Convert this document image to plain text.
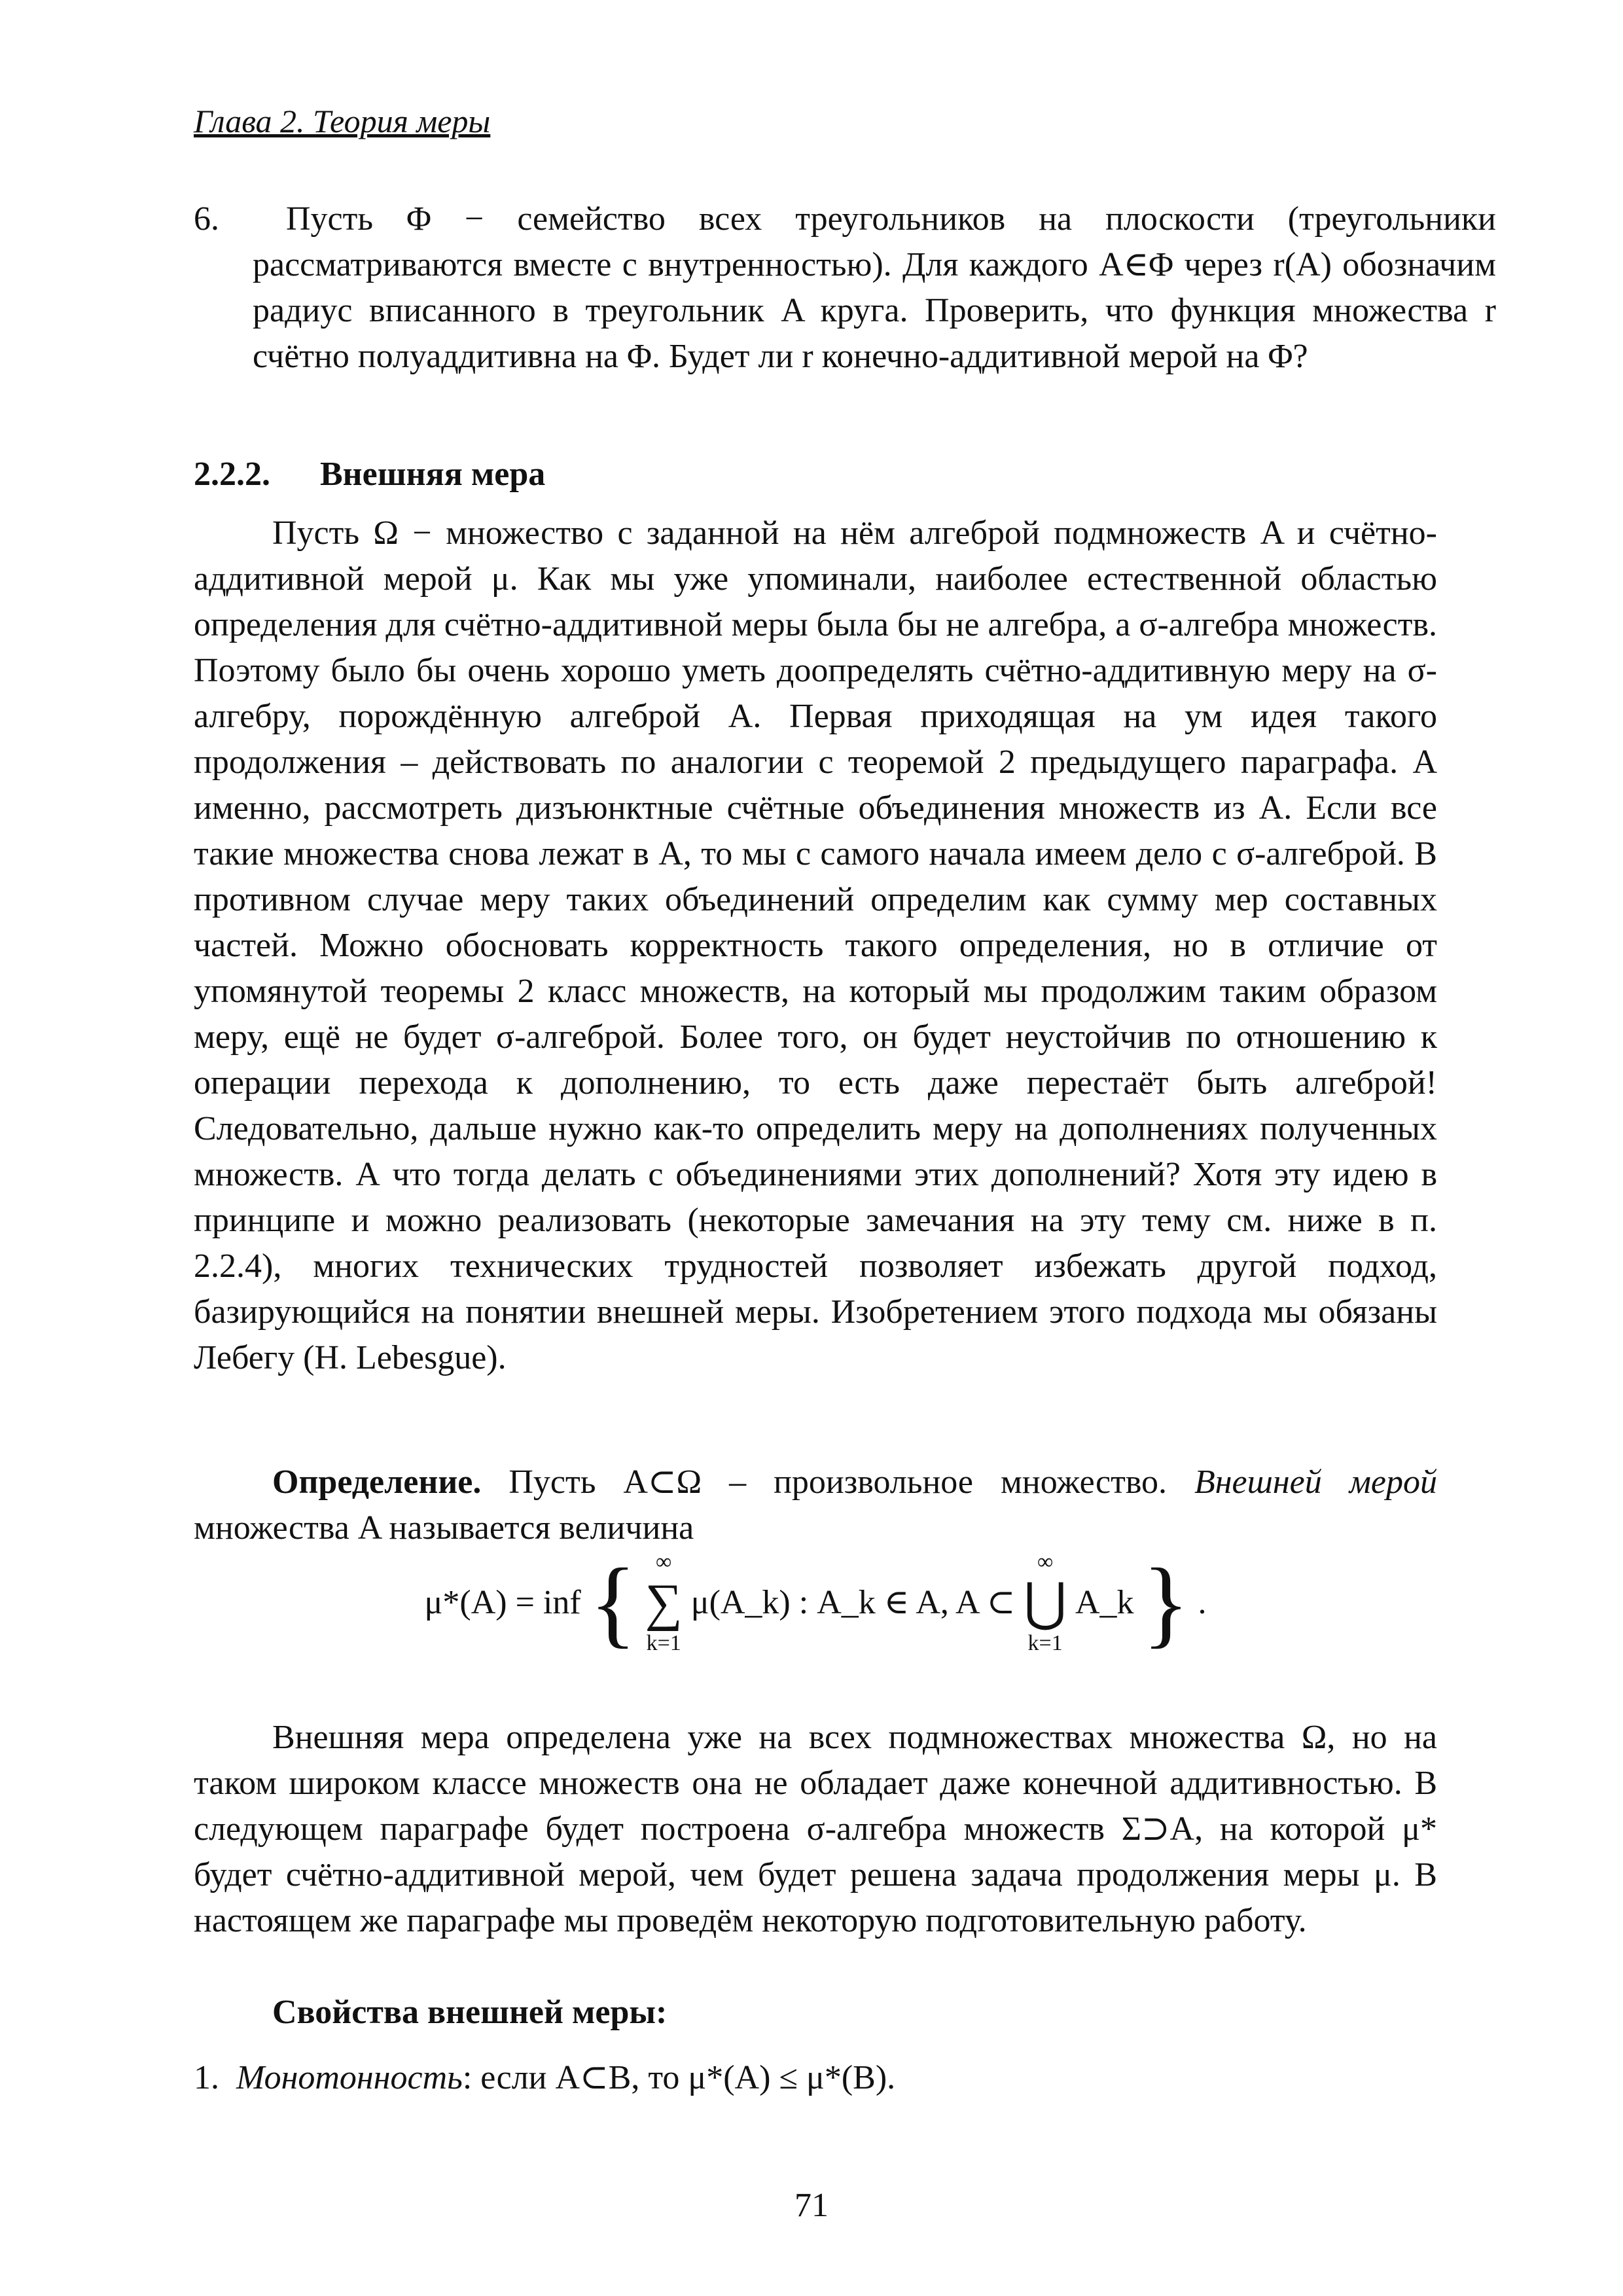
Глава 2. Теория меры
6. Пусть Φ − семейство всех треугольников на плоскости (треугольники рассматриваются вместе с внутренностью). Для каждого A∈Φ через r(A) обозначим радиус вписанного в треугольник A круга. Проверить, что функция множества r счётно полуаддитивна на Φ. Будет ли r конечно-аддитивной мерой на Φ?
2.2.2. Внешняя мера
Пусть Ω − множество с заданной на нём алгеброй подмножеств A и счётно-аддитивной мерой μ. Как мы уже упоминали, наиболее естественной областью определения для счётно-аддитивной меры была бы не алгебра, а σ-алгебра множеств. Поэтому было бы очень хорошо уметь доопределять счётно-аддитивную меру на σ-алгебру, порождённую алгеброй A. Первая приходящая на ум идея такого продолжения – действовать по аналогии с теоремой 2 предыдущего параграфа. А именно, рассмотреть дизъюнктные счётные объединения множеств из A. Если все такие множества снова лежат в A, то мы с самого начала имеем дело с σ-алгеброй. В противном случае меру таких объединений определим как сумму мер составных частей. Можно обосновать корректность такого определения, но в отличие от упомянутой теоремы 2 класс множеств, на который мы продолжим таким образом меру, ещё не будет σ-алгеброй. Более того, он будет неустойчив по отношению к операции перехода к дополнению, то есть даже перестаёт быть алгеброй! Следовательно, дальше нужно как-то определить меру на дополнениях полученных множеств. А что тогда делать с объединениями этих дополнений? Хотя эту идею в принципе и можно реализовать (некоторые замечания на эту тему см. ниже в п. 2.2.4), многих технических трудностей позволяет избежать другой подход, базирующийся на понятии внешней меры. Изобретением этого подхода мы обязаны Лебегу (H. Lebesgue).
Определение. Пусть A⊂Ω – произвольное множество. Внешней мерой множества A называется величина
μ*(A) = inf { ∞
∑
k=1
μ(A_k) : A_k ∈ A, A ⊂
∞
⋃
k=1
A_k } .
Внешняя мера определена уже на всех подмножествах множества Ω, но на таком широком классе множеств она не обладает даже конечной аддитивностью. В следующем параграфе будет построена σ-алгебра множеств Σ⊃A, на которой μ* будет счётно-аддитивной мерой, чем будет решена задача продолжения меры μ. В настоящем же параграфе мы проведём некоторую подготовительную работу.
Свойства внешней меры:
1. Монотонность: если A⊂B, то μ*(A) ≤ μ*(B).
71
